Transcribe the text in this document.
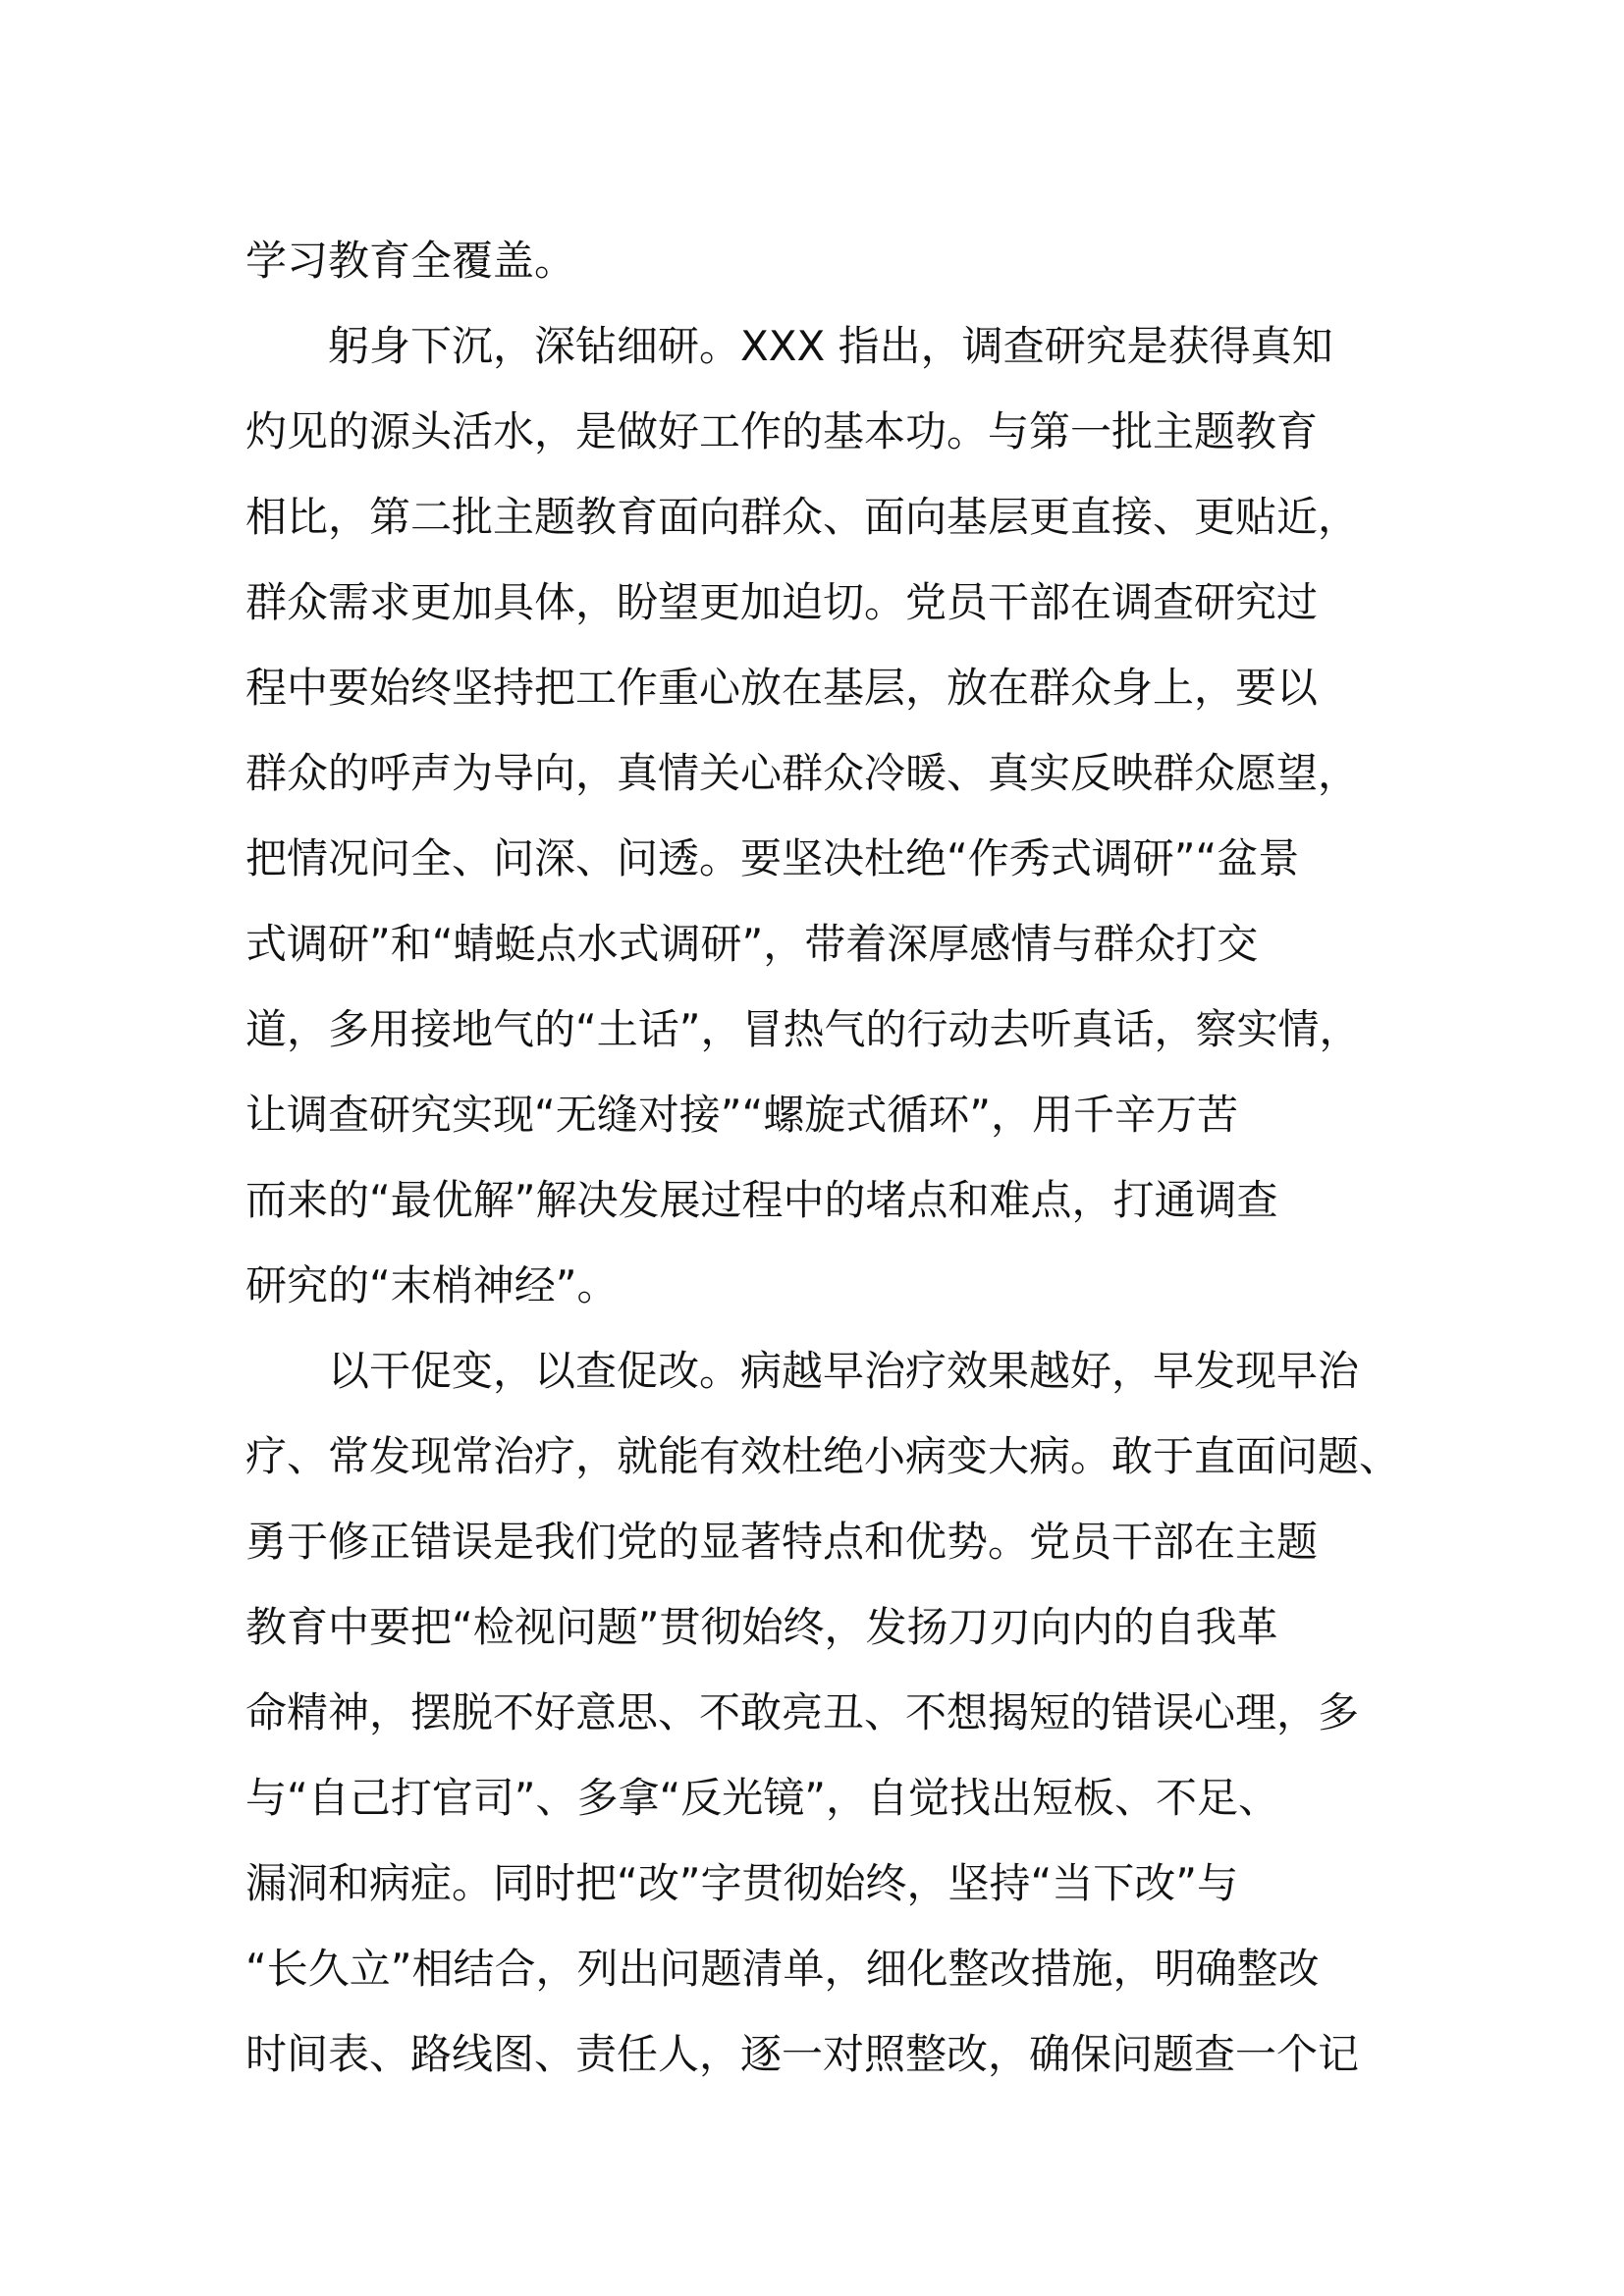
学习教育全覆盖。

躬身下沉，深钻细研。XXX 指出，调查研究是获得真知

灼见的源头活水，是做好工作的基本功。与第一批主题教育

相比，第二批主题教育面向群众、面向基层更直接、更贴近，

群众需求更加具体，盼望更加迫切。党员干部在调查研究过

程中要始终坚持把工作重心放在基层，放在群众身上，要以

群众的呼声为导向，真情关心群众冷暖、真实反映群众愿望，

把情况问全、问深、问透。要坚决杜绝“作秀式调研”“盆景

式调研”和“蜻蜓点水式调研”，带着深厚感情与群众打交

道，多用接地气的“土话”，冒热气的行动去听真话，察实情，

让调查研究实现“无缝对接”“螺旋式循环”，用千辛万苦

而来的“最优解”解决发展过程中的堵点和难点，打通调查

研究的“末梢神经”。

以干促变，以查促改。病越早治疗效果越好，早发现早治

疗、常发现常治疗，就能有效杜绝小病变大病。敢于直面问题、

勇于修正错误是我们党的显著特点和优势。党员干部在主题

教育中要把“检视问题”贯彻始终，发扬刀刃向内的自我革

命精神，摆脱不好意思、不敢亮丑、不想揭短的错误心理，多

与“自己打官司”、多拿“反光镜”，自觉找出短板、不足、

漏洞和病症。同时把“改”字贯彻始终，坚持“当下改”与

“长久立”相结合，列出问题清单，细化整改措施，明确整改

时间表、路线图、责任人，逐一对照整改，确保问题查一个记
